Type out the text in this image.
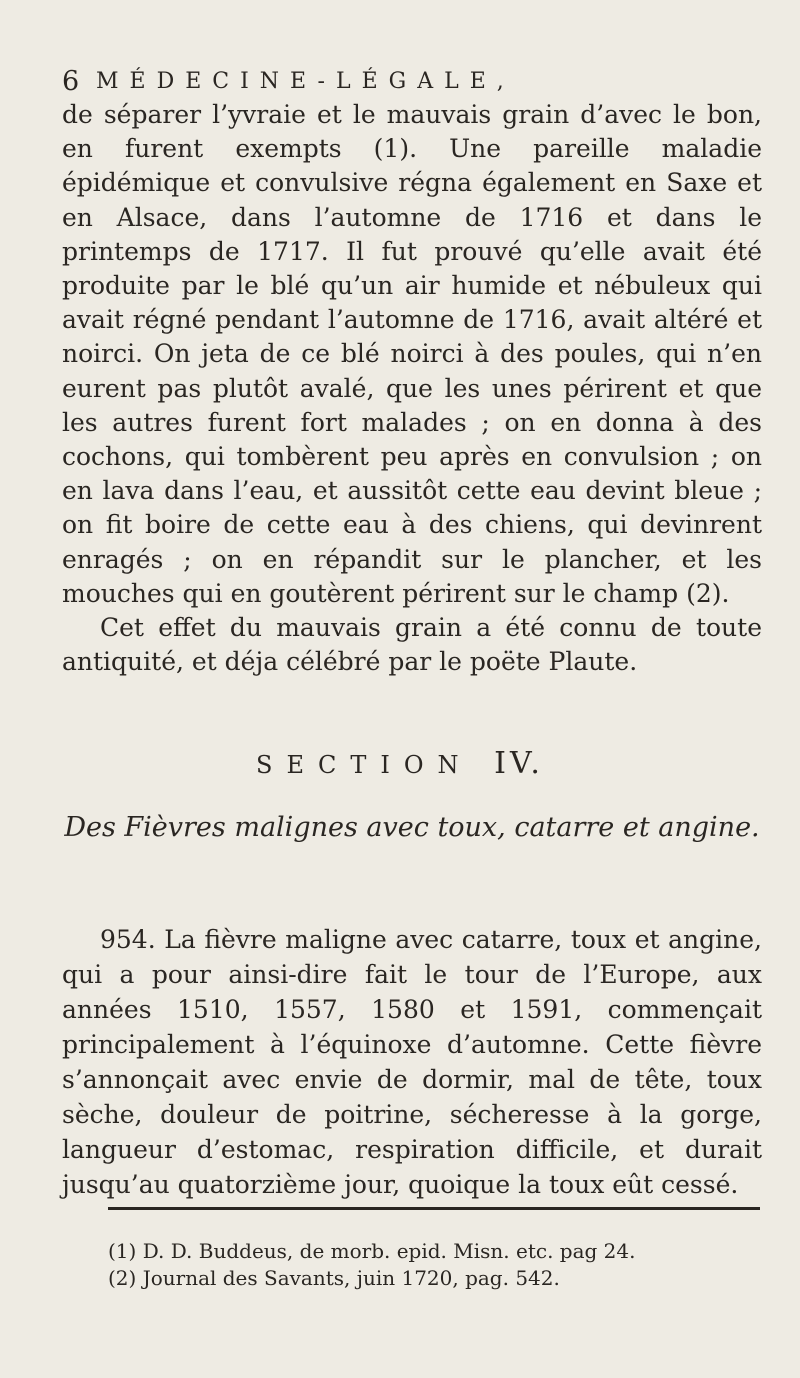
6 MÉDECINE-LÉGALE,

de séparer l’yvraie et le mauvais grain d’avec le bon, en furent exempts (1). Une pareille maladie épidémique et convulsive régna également en Saxe et en Alsace, dans l’automne de 1716 et dans le printemps de 1717. Il fut prouvé qu’elle avait été produite par le blé qu’un air humide et nébuleux qui avait régné pendant l’automne de 1716, avait altéré et noirci. On jeta de ce blé noirci à des poules, qui n’en eurent pas plutôt avalé, que les unes périrent et que les autres furent fort malades ; on en donna à des cochons, qui tombèrent peu après en convulsion ; on en lava dans l’eau, et aussitôt cette eau devint bleue ; on fit boire de cette eau à des chiens, qui devinrent enragés ; on en répandit sur le plancher, et les mouches qui en goutèrent périrent sur le champ (2).

Cet effet du mauvais grain a été connu de toute antiquité, et déja célébré par le poëte Plaute.

SECTION IV.
Des Fièvres malignes avec toux, catarre et angine.

954. La fièvre maligne avec catarre, toux et angine, qui a pour ainsi-dire fait le tour de l’Europe, aux années 1510, 1557, 1580 et 1591, commençait principalement à l’équinoxe d’automne. Cette fièvre s’annonçait avec envie de dormir, mal de tête, toux sèche, douleur de poitrine, sécheresse à la gorge, langueur d’estomac, respiration difficile, et durait jusqu’au quatorzième jour, quoique la toux eût cessé.

(1) D. D. Buddeus, de morb. epid. Misn. etc. pag 24.

(2) Journal des Savants, juin 1720, pag. 542.
